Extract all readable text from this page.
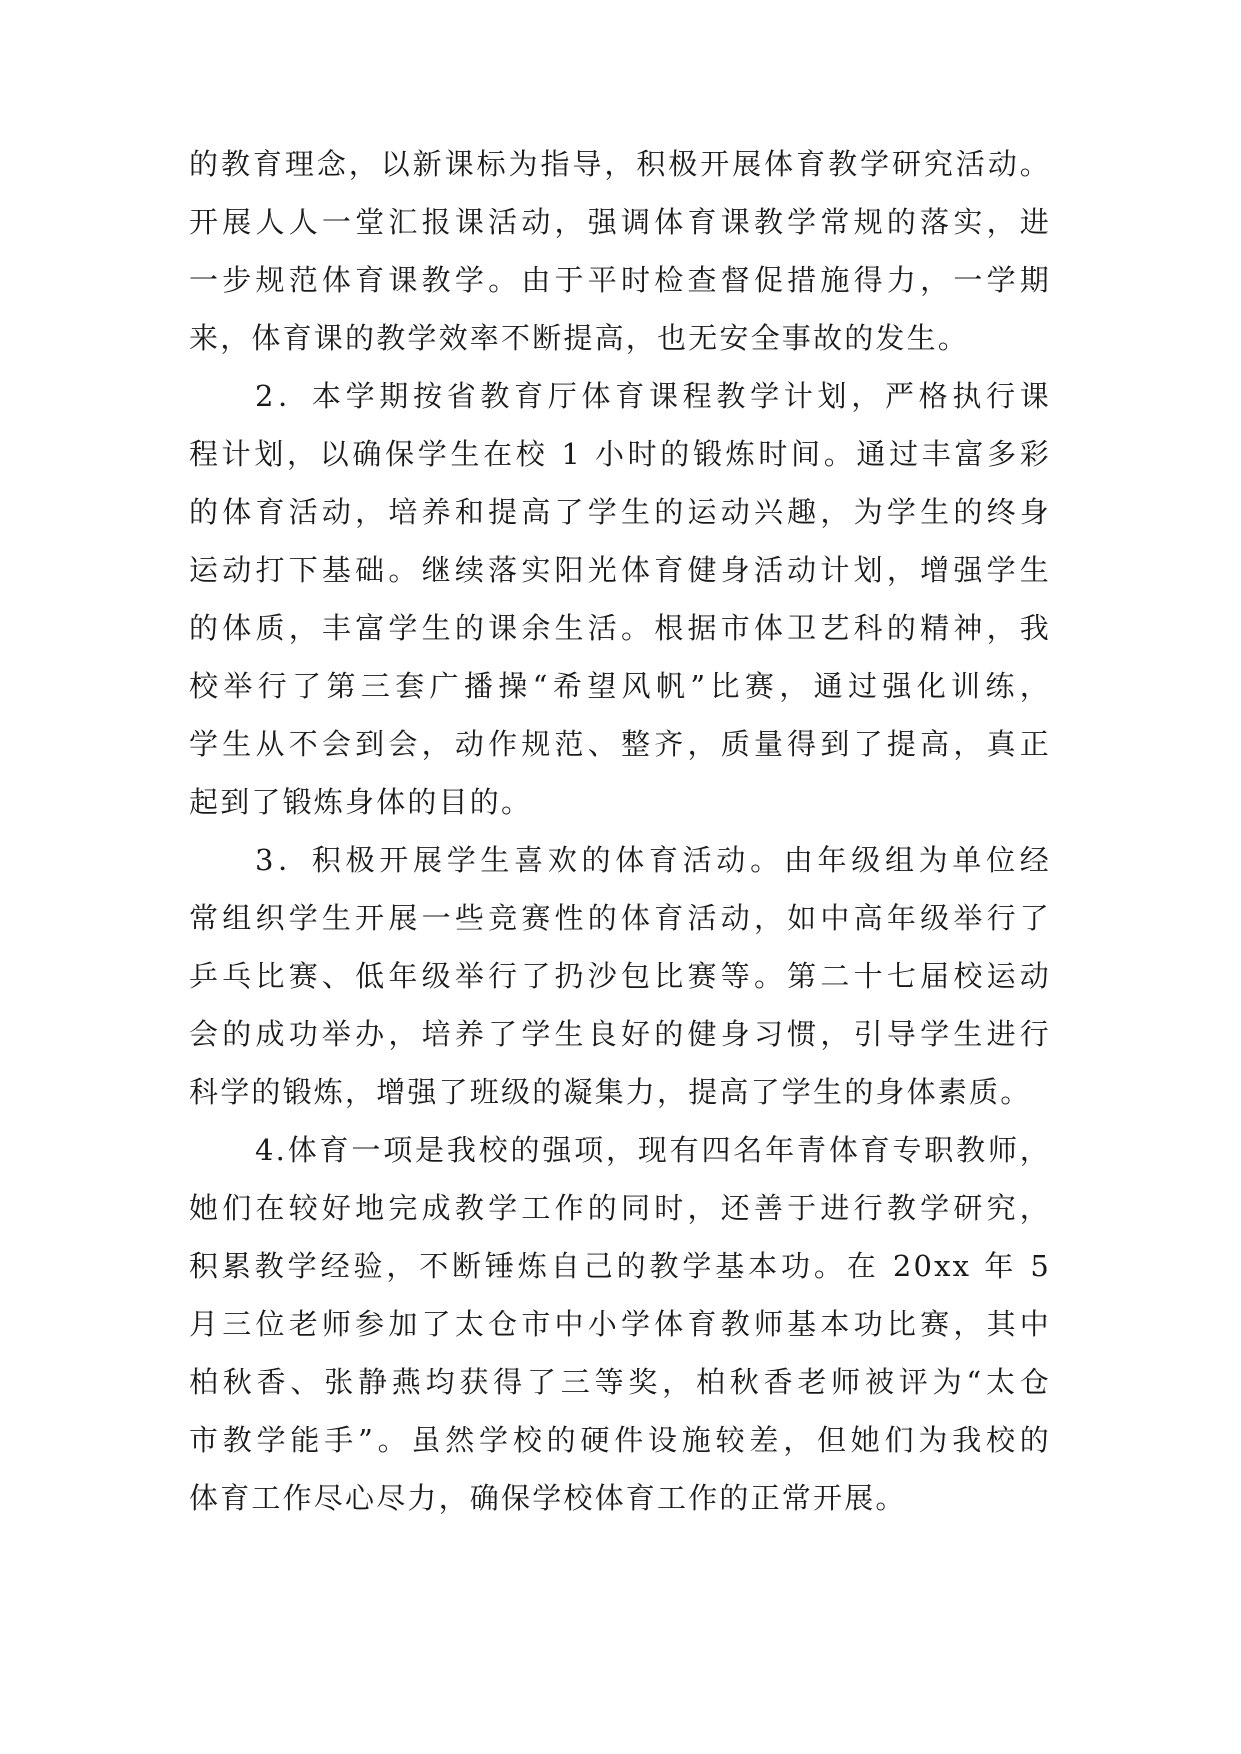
的教育理念，以新课标为指导，积极开展体育教学研究活动。
开展人人一堂汇报课活动，强调体育课教学常规的落实，进
一步规范体育课教学。由于平时检查督促措施得力，一学期
来，体育课的教学效率不断提高，也无安全事故的发生。
2．本学期按省教育厅体育课程教学计划，严格执行课
程计划，以确保学生在校 1 小时的锻炼时间。通过丰富多彩
的体育活动，培养和提高了学生的运动兴趣，为学生的终身
运动打下基础。继续落实阳光体育健身活动计划，增强学生
的体质，丰富学生的课余生活。根据市体卫艺科的精神，我
校举行了第三套广播操“希望风帆”比赛，通过强化训练，
学生从不会到会，动作规范、整齐，质量得到了提高，真正
起到了锻炼身体的目的。
3．积极开展学生喜欢的体育活动。由年级组为单位经
常组织学生开展一些竞赛性的体育活动，如中高年级举行了
乒乓比赛、低年级举行了扔沙包比赛等。第二十七届校运动
会的成功举办，培养了学生良好的健身习惯，引导学生进行
科学的锻炼，增强了班级的凝集力，提高了学生的身体素质。
4.体育一项是我校的强项，现有四名年青体育专职教师，
她们在较好地完成教学工作的同时，还善于进行教学研究，
积累教学经验，不断锤炼自己的教学基本功。在 20xx 年 5
月三位老师参加了太仓市中小学体育教师基本功比赛，其中
柏秋香、张静燕均获得了三等奖，柏秋香老师被评为“太仓
市教学能手”。虽然学校的硬件设施较差，但她们为我校的
体育工作尽心尽力，确保学校体育工作的正常开展。
